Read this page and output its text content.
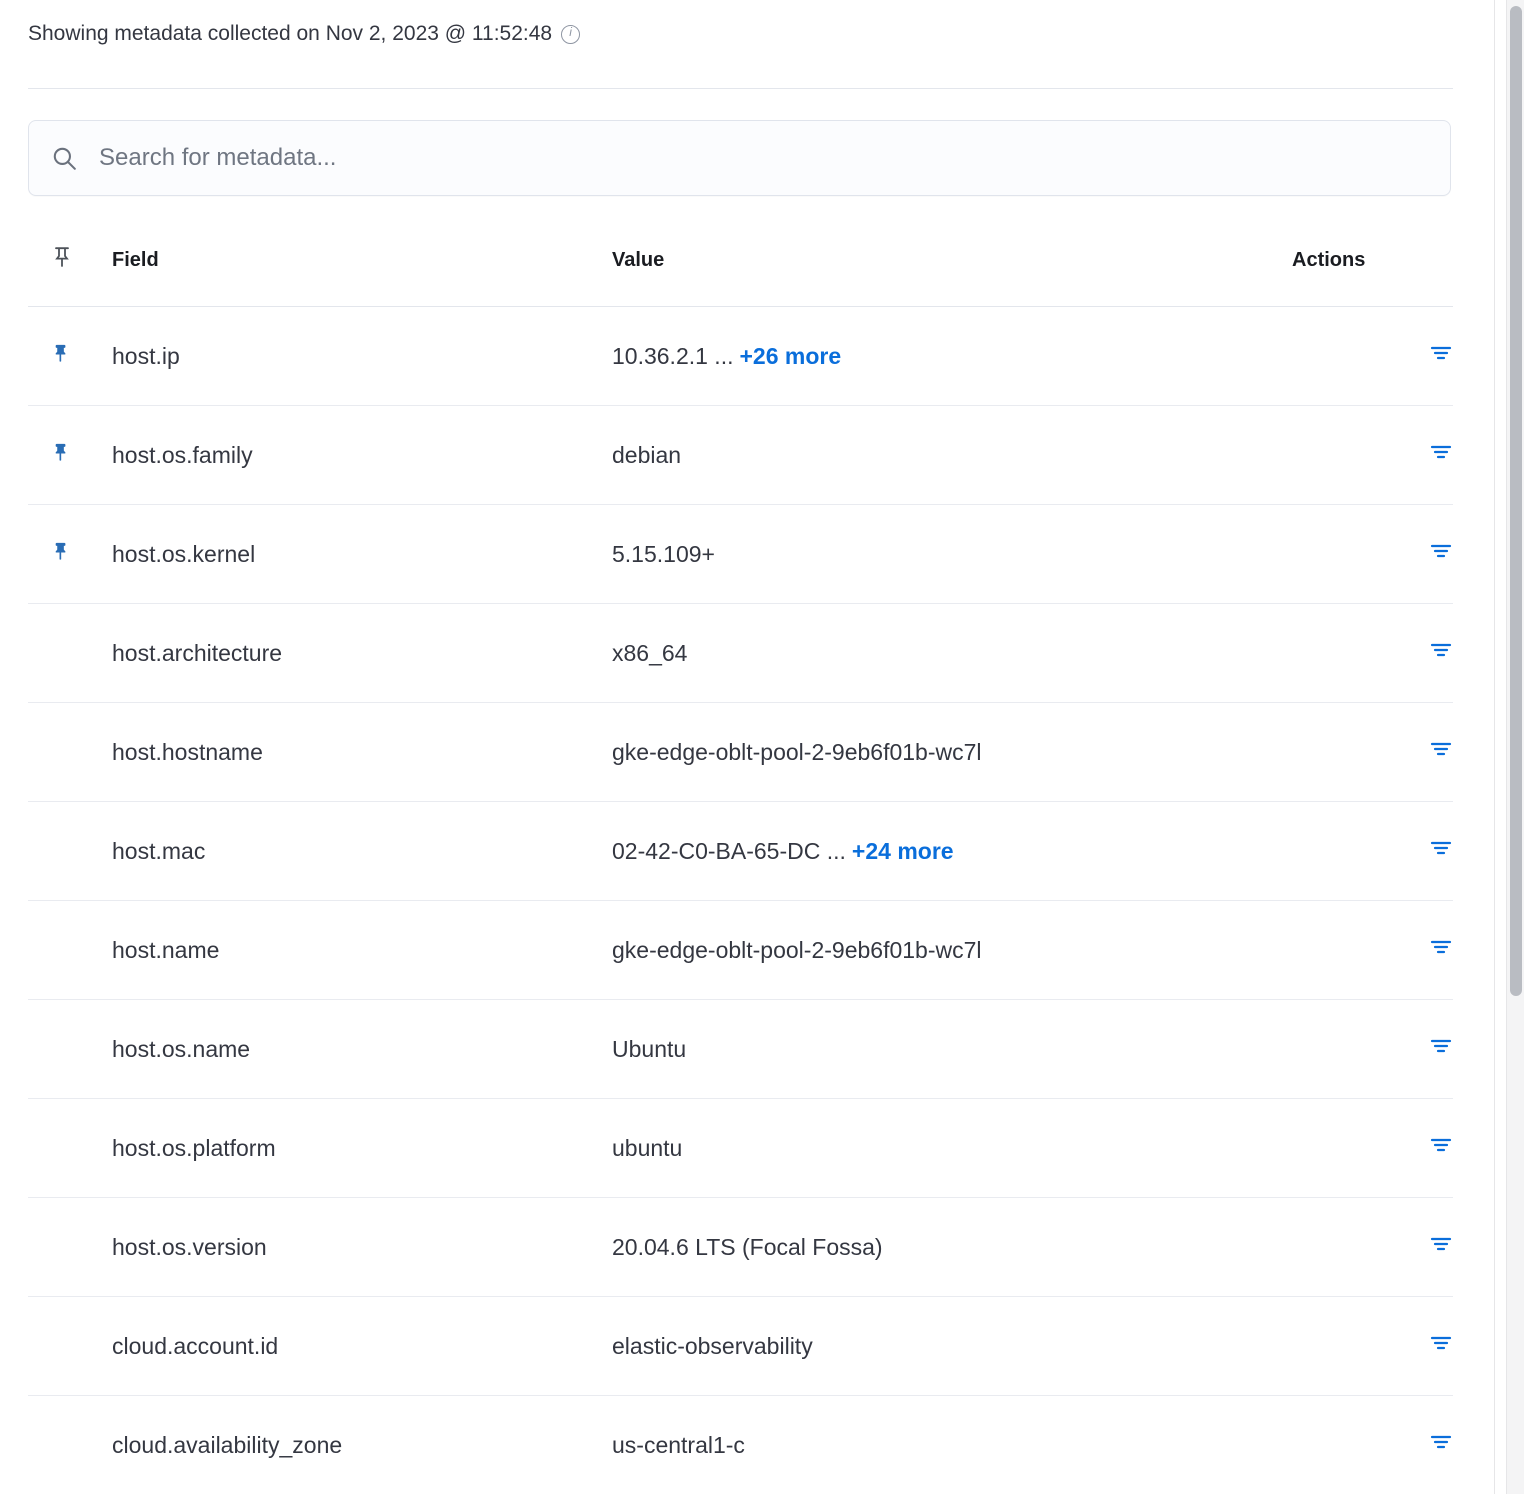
Showing metadata collected on Nov 2, 2023 @ 11:52:48
i
Search for metadata...
	Field	Value	Actions
	host.ip	10.36.2.1 ... +26 more	
	host.os.family	debian	
	host.os.kernel	5.15.109+	
	host.architecture	x86_64	
	host.hostname	gke-edge-oblt-pool-2-9eb6f01b-wc7l	
	host.mac	02-42-C0-BA-65-DC ... +24 more	
	host.name	gke-edge-oblt-pool-2-9eb6f01b-wc7l	
	host.os.name	Ubuntu	
	host.os.platform	ubuntu	
	host.os.version	20.04.6 LTS (Focal Fossa)	
	cloud.account.id	elastic-observability	
	cloud.availability_zone	us-central1-c	
